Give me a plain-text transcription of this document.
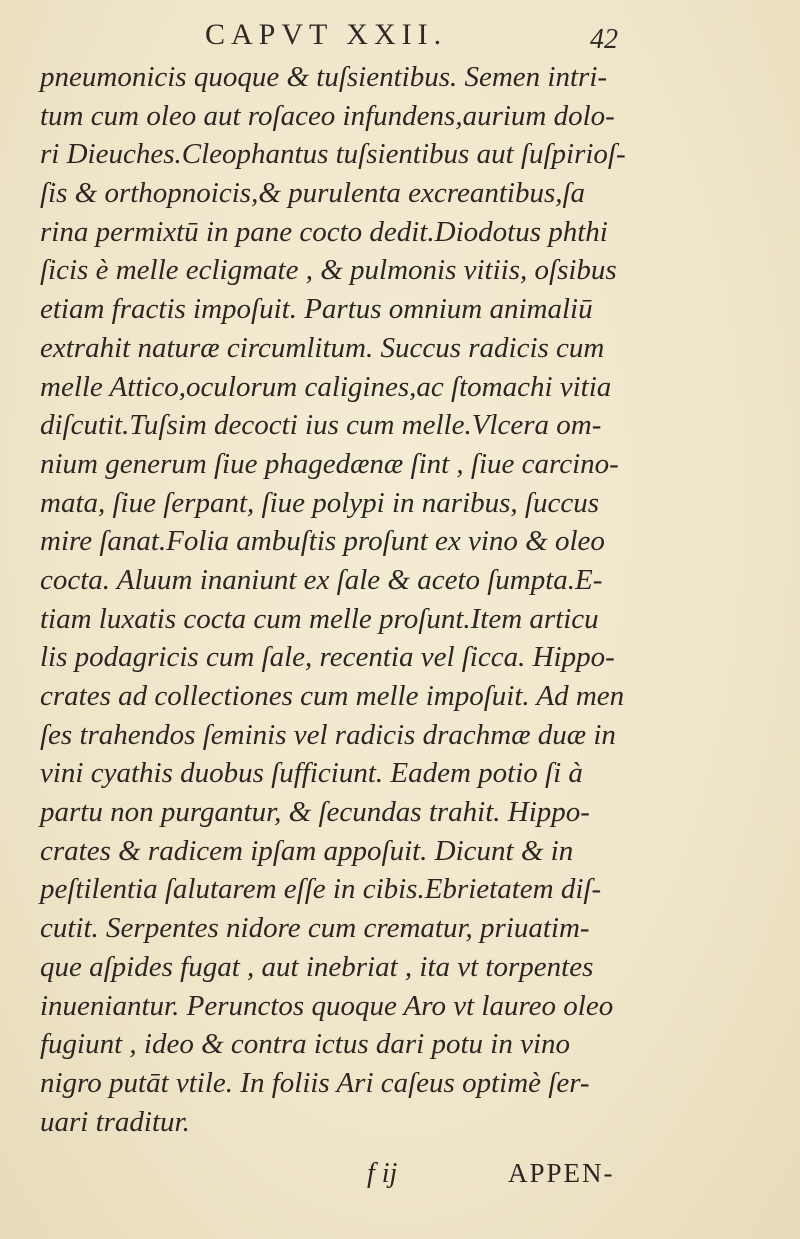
CAPVT XXII.	42
pneumonicis quoque & tuſsientibus. Semen intri-
tum cum oleo aut roſaceo infundens,aurium dolo-
ri Dieuches.Cleophantus tuſsientibus aut ſuſpirioſ-
ſis & orthopnoicis,& purulenta excreantibus,ſa
rina permixtū in pane cocto dedit.Diodotus phthi
ſicis è melle ecligmate , & pulmonis vitiis, oſsibus
etiam fractis impoſuit. Partus omnium animaliū
extrahit naturæ circumlitum. Succus radicis cum
melle Attico,oculorum caligines,ac ſtomachi vitia
diſcutit.Tuſsim decocti ius cum melle.Vlcera om-
nium generum ſiue phagedænæ ſint , ſiue carcino-
mata, ſiue ſerpant, ſiue polypi in naribus, ſuccus
mire ſanat.Folia ambuſtis proſunt ex vino & oleo
cocta. Aluum inaniunt ex ſale & aceto ſumpta.E-
tiam luxatis cocta cum melle proſunt.Item articu
lis podagricis cum ſale, recentia vel ſicca. Hippo-
crates ad collectiones cum melle impoſuit. Ad men
ſes trahendos ſeminis vel radicis drachmæ duæ in
vini cyathis duobus ſufficiunt. Eadem potio ſi à
partu non purgantur, & ſecundas trahit. Hippo-
crates & radicem ipſam appoſuit. Dicunt & in
peſtilentia ſalutarem eſſe in cibis.Ebrietatem diſ-
cutit. Serpentes nidore cum crematur, priuatim-
que aſpides fugat , aut inebriat , ita vt torpentes
inueniantur. Perunctos quoque Aro vt laureo oleo
fugiunt , ideo & contra ictus dari potu in vino
nigro putāt vtile. In foliis Ari caſeus optimè ſer-
uari traditur.
f ij	APPEN-
